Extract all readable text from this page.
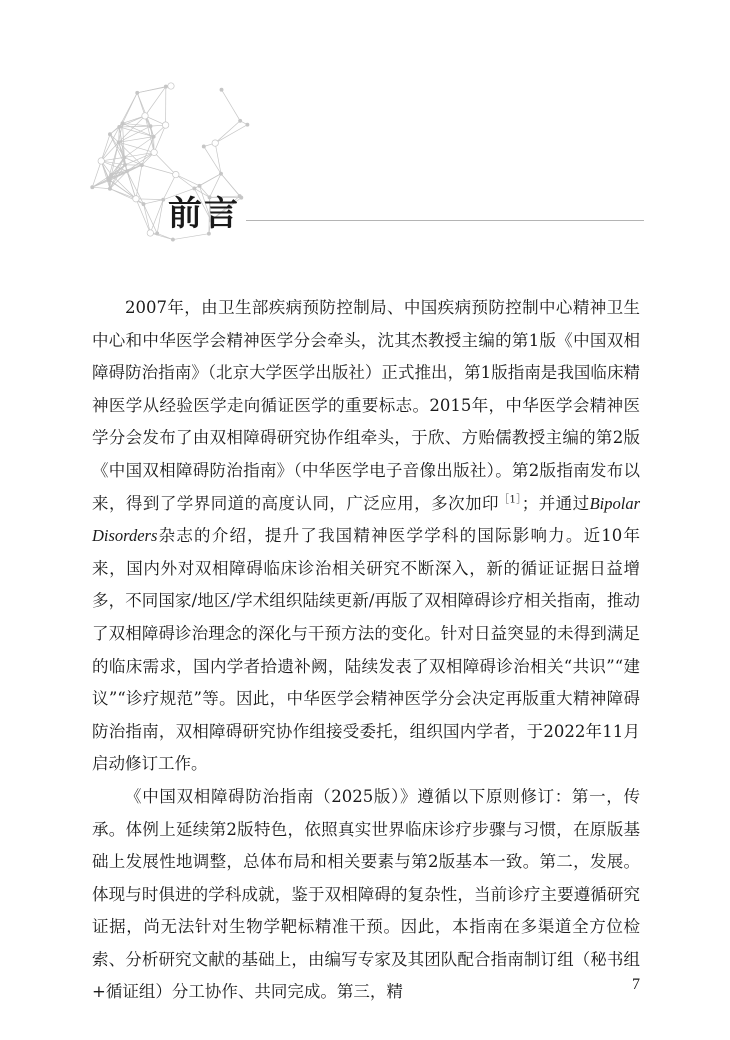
前言

2007年，由卫生部疾病预防控制局、中国疾病预防控制中心精神卫生中心和中华医学会精神医学分会牵头，沈其杰教授主编的第1版《中国双相障碍防治指南》（北京大学医学出版社）正式推出，第1版指南是我国临床精神医学从经验医学走向循证医学的重要标志。2015年，中华医学会精神医学分会发布了由双相障碍研究协作组牵头，于欣、方贻儒教授主编的第2版《中国双相障碍防治指南》（中华医学电子音像出版社）。第2版指南发布以来，得到了学界同道的高度认同，广泛应用，多次加印$^{[1]}$；并通过Bipolar Disorders杂志的介绍，提升了我国精神医学学科的国际影响力。近10年来，国内外对双相障碍临床诊治相关研究不断深入，新的循证证据日益增多，不同国家/地区/学术组织陆续更新/再版了双相障碍诊疗相关指南，推动了双相障碍诊治理念的深化与干预方法的变化。针对日益突显的未得到满足的临床需求，国内学者拾遗补阙，陆续发表了双相障碍诊治相关“共识”“建议”“诊疗规范”等。因此，中华医学会精神医学分会决定再版重大精神障碍防治指南，双相障碍研究协作组接受委托，组织国内学者，于2022年11月启动修订工作。

《中国双相障碍防治指南（2025版）》遵循以下原则修订：第一，传承。体例上延续第2版特色，依照真实世界临床诊疗步骤与习惯，在原版基础上发展性地调整，总体布局和相关要素与第2版基本一致。第二，发展。体现与时俱进的学科成就，鉴于双相障碍的复杂性，当前诊疗主要遵循研究证据，尚无法针对生物学靶标精准干预。因此，本指南在多渠道全方位检索、分析研究文献的基础上，由编写专家及其团队配合指南制订组（秘书组+循证组）分工协作、共同完成。第三，精	7
